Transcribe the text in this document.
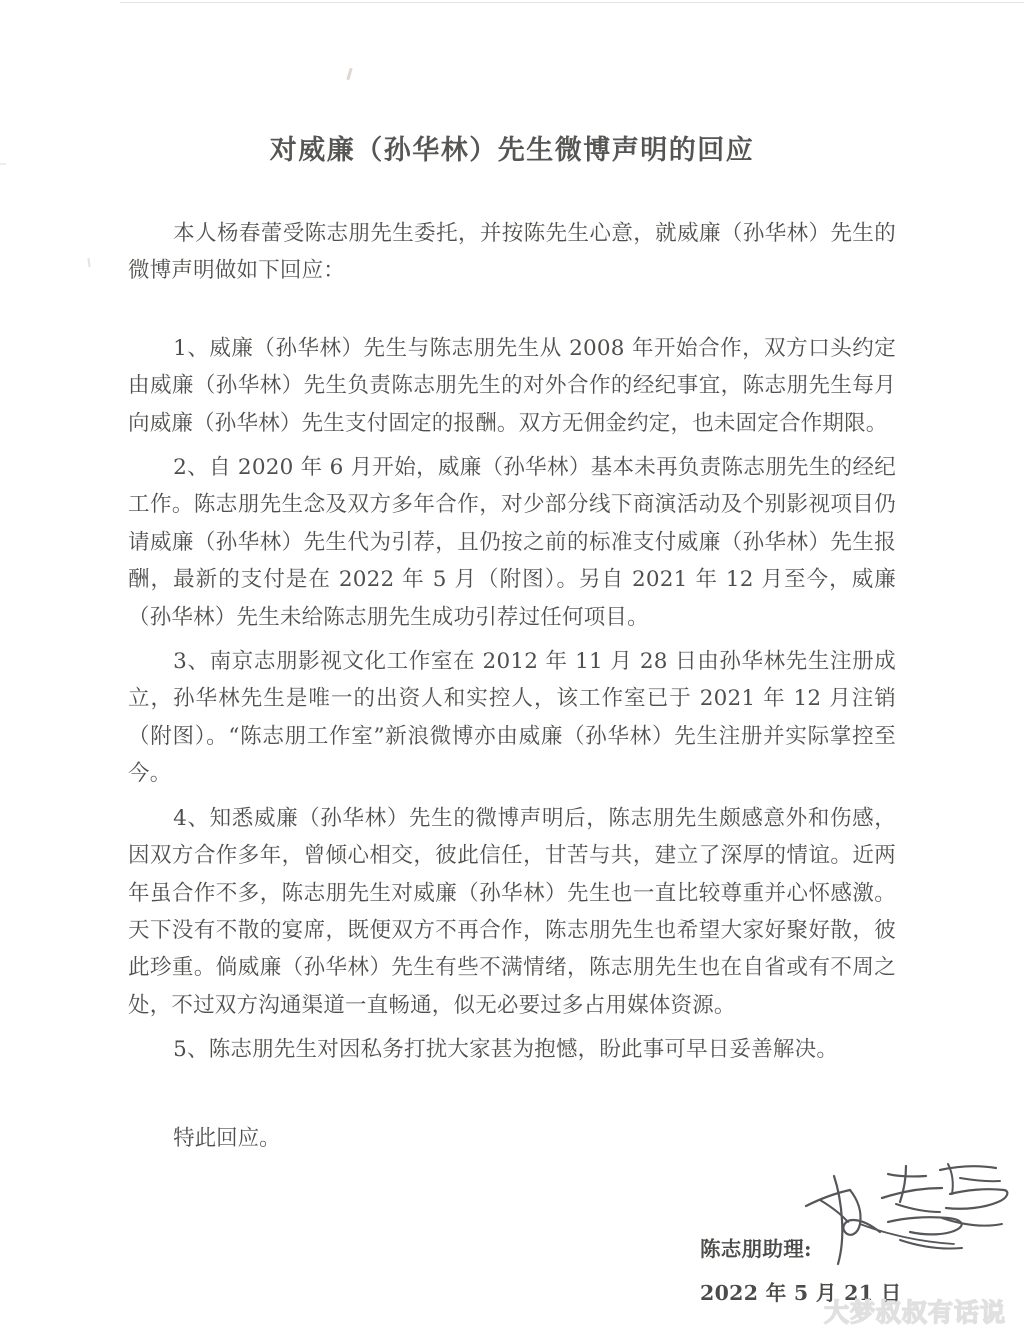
对威廉（孙华林）先生微博声明的回应

本人杨春蕾受陈志朋先生委托，并按陈先生心意，就威廉（孙华林）先生的微博声明做如下回应：

1、威廉（孙华林）先生与陈志朋先生从 2008 年开始合作，双方口头约定由威廉（孙华林）先生负责陈志朋先生的对外合作的经纪事宜，陈志朋先生每月向威廉（孙华林）先生支付固定的报酬。双方无佣金约定，也未固定合作期限。

2、自 2020 年 6 月开始，威廉（孙华林）基本未再负责陈志朋先生的经纪工作。陈志朋先生念及双方多年合作，对少部分线下商演活动及个别影视项目仍请威廉（孙华林）先生代为引荐，且仍按之前的标准支付威廉（孙华林）先生报酬，最新的支付是在 2022 年 5 月（附图）。另自 2021 年 12 月至今，威廉（孙华林）先生未给陈志朋先生成功引荐过任何项目。

3、南京志朋影视文化工作室在 2012 年 11 月 28 日由孙华林先生注册成立，孙华林先生是唯一的出资人和实控人，该工作室已于 2021 年 12 月注销（附图）。“陈志朋工作室”新浪微博亦由威廉（孙华林）先生注册并实际掌控至今。

4、知悉威廉（孙华林）先生的微博声明后，陈志朋先生颇感意外和伤感，因双方合作多年，曾倾心相交，彼此信任，甘苦与共，建立了深厚的情谊。近两年虽合作不多，陈志朋先生对威廉（孙华林）先生也一直比较尊重并心怀感激。天下没有不散的宴席，既便双方不再合作，陈志朋先生也希望大家好聚好散，彼此珍重。倘威廉（孙华林）先生有些不满情绪，陈志朋先生也在自省或有不周之处，不过双方沟通渠道一直畅通，似无必要过多占用媒体资源。

5、陈志朋先生对因私务打扰大家甚为抱憾，盼此事可早日妥善解决。

特此回应。
陈志朋助理:
2022 年 5 月 21 日
大梦叔叔有话说
